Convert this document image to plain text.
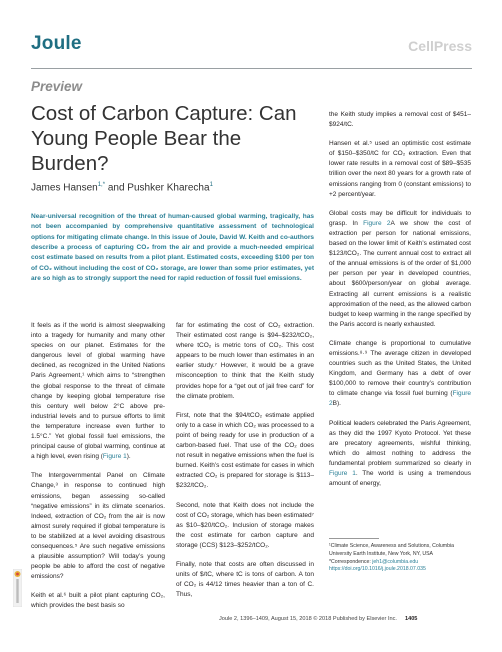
Joule	CellPress
Preview
Cost of Carbon Capture: Can Young People Bear the Burden?
James Hansen$^{1,*}$ and Pushker Kharecha$^1$
Near-universal recognition of the threat of human-caused global warming, tragically, has not been accompanied by comprehensive quantitative assessment of technological options for mitigating climate change. In this issue of Joule, David W. Keith and co-authors describe a process of capturing CO₂ from the air and provide a much-needed empirical cost estimate based on results from a pilot plant. Estimated costs, exceeding $100 per ton of CO₂ without including the cost of CO₂ storage, are lower than some prior estimates, yet are so high as to strongly support the need for rapid reduction of fossil fuel emissions.

It feels as if the world is almost sleepwalking into a tragedy for humanity and many other species on our planet. Estimates for the dangerous level of global warming have declined, as recognized in the United Nations Paris Agreement,¹ which aims to “strengthen the global response to the threat of climate change by keeping global temperature rise this century well below 2°C above pre-industrial levels and to pursue efforts to limit the temperature increase even further to 1.5°C.” Yet global fossil fuel emissions, the principal cause of global warming, continue at a high level, even rising (Figure 1).

The Intergovernmental Panel on Climate Change,³ in response to continued high emissions, began assessing so-called “negative emissions” in its climate scenarios. Indeed, extraction of CO₂ from the air is now almost surely required if global temperature is to be stabilized at a level avoiding disastrous consequences.⁵ Are such negative emissions a plausible assumption? Will today’s young people be able to afford the cost of negative emissions?

Keith et al.⁶ built a pilot plant capturing CO₂, which provides the best basis so

far for estimating the cost of CO₂ extraction. Their estimated cost range is $94–$232/tCO₂, where tCO₂ is metric tons of CO₂. This cost appears to be much lower than estimates in an earlier study.⁷ However, it would be a grave misconception to think that the Keith study provides hope for a “get out of jail free card” for the climate problem.

First, note that the $94/tCO₂ estimate applied only to a case in which CO₂ was processed to a point of being ready for use in production of a carbon-based fuel. That use of the CO₂ does not result in negative emissions when the fuel is burned. Keith’s cost estimate for cases in which extracted CO₂ is prepared for storage is $113–$232/tCO₂.

Second, note that Keith does not include the cost of CO₂ storage, which has been estimated⁷ as $10–$20/tCO₂. Inclusion of storage makes the cost estimate for carbon capture and storage (CCS) $123–$252/tCO₂.

Finally, note that costs are often discussed in units of $/tC, where tC is tons of carbon. A ton of CO₂ is 44/12 times heavier than a ton of C. Thus,

the Keith study implies a removal cost of $451–$924/tC.

Hansen et al.⁵ used an optimistic cost estimate of $150–$350/tC for CO₂ extraction. Even that lower rate results in a removal cost of $89–$535 trillion over the next 80 years for a growth rate of emissions ranging from 0 (constant emissions) to +2 percent/year.

Global costs may be difficult for individuals to grasp. In Figure 2A we show the cost of extraction per person for national emissions, based on the lower limit of Keith’s estimated cost $123/tCO₂. The current annual cost to extract all of the annual emissions is of the order of $1,000 per person per year in developed countries, about $600/person/year on global average. Extracting all current emissions is a realistic approximation of the need, as the allowed carbon budget to keep warming in the range specified by the Paris accord is nearly exhausted.

Climate change is proportional to cumulative emissions.⁸·⁹ The average citizen in developed countries such as the United States, the United Kingdom, and Germany has a debt of over $100,000 to remove their country’s contribution to climate change via fossil fuel burning (Figure 2B).

Political leaders celebrated the Paris Agreement, as they did the 1997 Kyoto Protocol. Yet these are precatory agreements, wishful thinking, which do almost nothing to address the fundamental problem summarized so clearly in Figure 1. The world is using a tremendous amount of energy,

¹Climate Science, Awareness and Solutions, Columbia University Earth Institute, New York, NY, USA
*Correspondence: jeh1@columbia.edu
https://doi.org/10.1016/j.joule.2018.07.035
Joule 2, 1396–1409, August 15, 2018 © 2018 Published by Elsevier Inc. 1405
